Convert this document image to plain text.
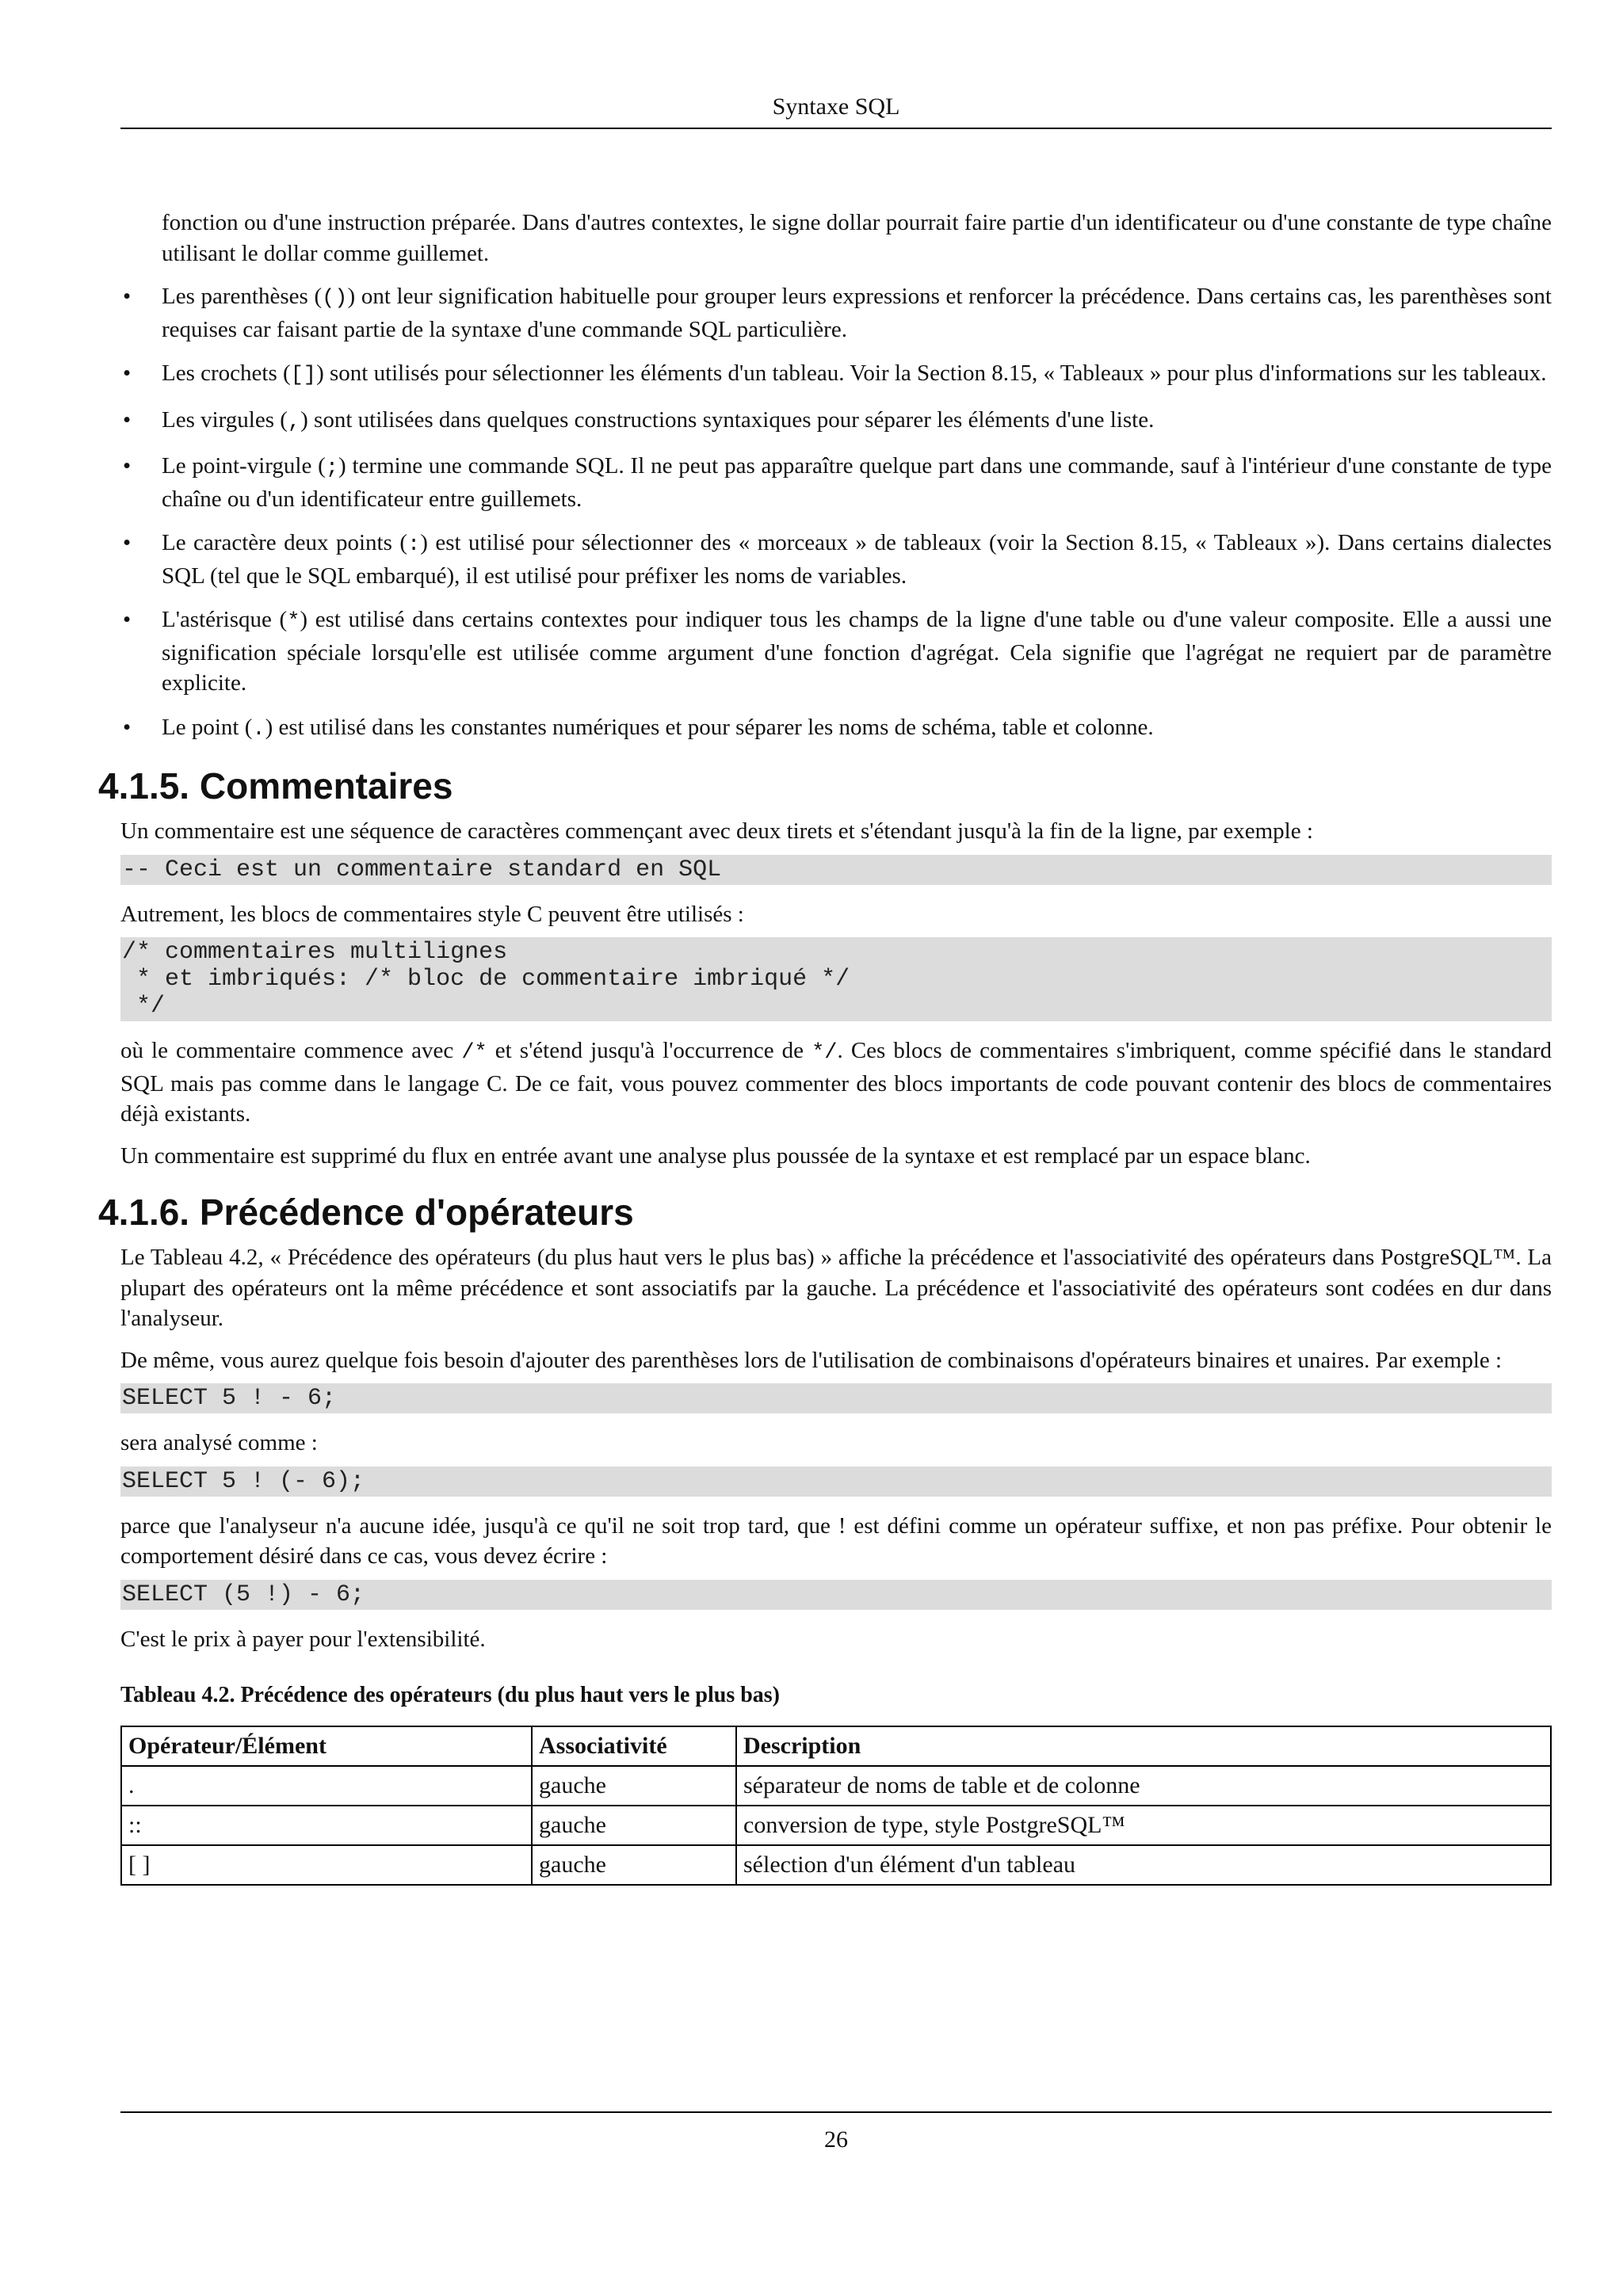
Syntaxe SQL

fonction ou d'une instruction préparée. Dans d'autres contextes, le signe dollar pourrait faire partie d'un identificateur ou d'une constante de type chaîne utilisant le dollar comme guillemet.

• Les parenthèses (()) ont leur signification habituelle pour grouper leurs expressions et renforcer la précédence. Dans certains cas, les parenthèses sont requises car faisant partie de la syntaxe d'une commande SQL particulière.

• Les crochets ([]) sont utilisés pour sélectionner les éléments d'un tableau. Voir la Section 8.15, « Tableaux » pour plus d'informations sur les tableaux.

• Les virgules (,) sont utilisées dans quelques constructions syntaxiques pour séparer les éléments d'une liste.

• Le point-virgule (;) termine une commande SQL. Il ne peut pas apparaître quelque part dans une commande, sauf à l'intérieur d'une constante de type chaîne ou d'un identificateur entre guillemets.

• Le caractère deux points (:) est utilisé pour sélectionner des « morceaux » de tableaux (voir la Section 8.15, « Tableaux »). Dans certains dialectes SQL (tel que le SQL embarqué), il est utilisé pour préfixer les noms de variables.

• L'astérisque (*) est utilisé dans certains contextes pour indiquer tous les champs de la ligne d'une table ou d'une valeur composite. Elle a aussi une signification spéciale lorsqu'elle est utilisée comme argument d'une fonction d'agrégat. Cela signifie que l'agrégat ne requiert par de paramètre explicite.

• Le point (.) est utilisé dans les constantes numériques et pour séparer les noms de schéma, table et colonne.

4.1.5. Commentaires

Un commentaire est une séquence de caractères commençant avec deux tirets et s'étendant jusqu'à la fin de la ligne, par exemple :

-- Ceci est un commentaire standard en SQL

Autrement, les blocs de commentaires style C peuvent être utilisés :

/* commentaires multilignes
* et imbriqués: /* bloc de commentaire imbriqué */
*/

où le commentaire commence avec /* et s'étend jusqu'à l'occurrence de */. Ces blocs de commentaires s'imbriquent, comme spécifié dans le standard SQL mais pas comme dans le langage C. De ce fait, vous pouvez commenter des blocs importants de code pouvant contenir des blocs de commentaires déjà existants.

Un commentaire est supprimé du flux en entrée avant une analyse plus poussée de la syntaxe et est remplacé par un espace blanc.

4.1.6. Précédence d'opérateurs

Le Tableau 4.2, « Précédence des opérateurs (du plus haut vers le plus bas) » affiche la précédence et l'associativité des opérateurs dans PostgreSQL™. La plupart des opérateurs ont la même précédence et sont associatifs par la gauche. La précédence et l'associativité des opérateurs sont codées en dur dans l'analyseur.

De même, vous aurez quelque fois besoin d'ajouter des parenthèses lors de l'utilisation de combinaisons d'opérateurs binaires et unaires. Par exemple :

SELECT 5 ! - 6;

sera analysé comme :

SELECT 5 ! (- 6);

parce que l'analyseur n'a aucune idée, jusqu'à ce qu'il ne soit trop tard, que ! est défini comme un opérateur suffixe, et non pas préfixe. Pour obtenir le comportement désiré dans ce cas, vous devez écrire :

SELECT (5 !) - 6;

C'est le prix à payer pour l'extensibilité.

Tableau 4.2. Précédence des opérateurs (du plus haut vers le plus bas)
Opérateur/Élément	Associativité	Description
.	gauche	séparateur de noms de table et de colonne
::	gauche	conversion de type, style PostgreSQL™
[ ]	gauche	sélection d'un élément d'un tableau
26
